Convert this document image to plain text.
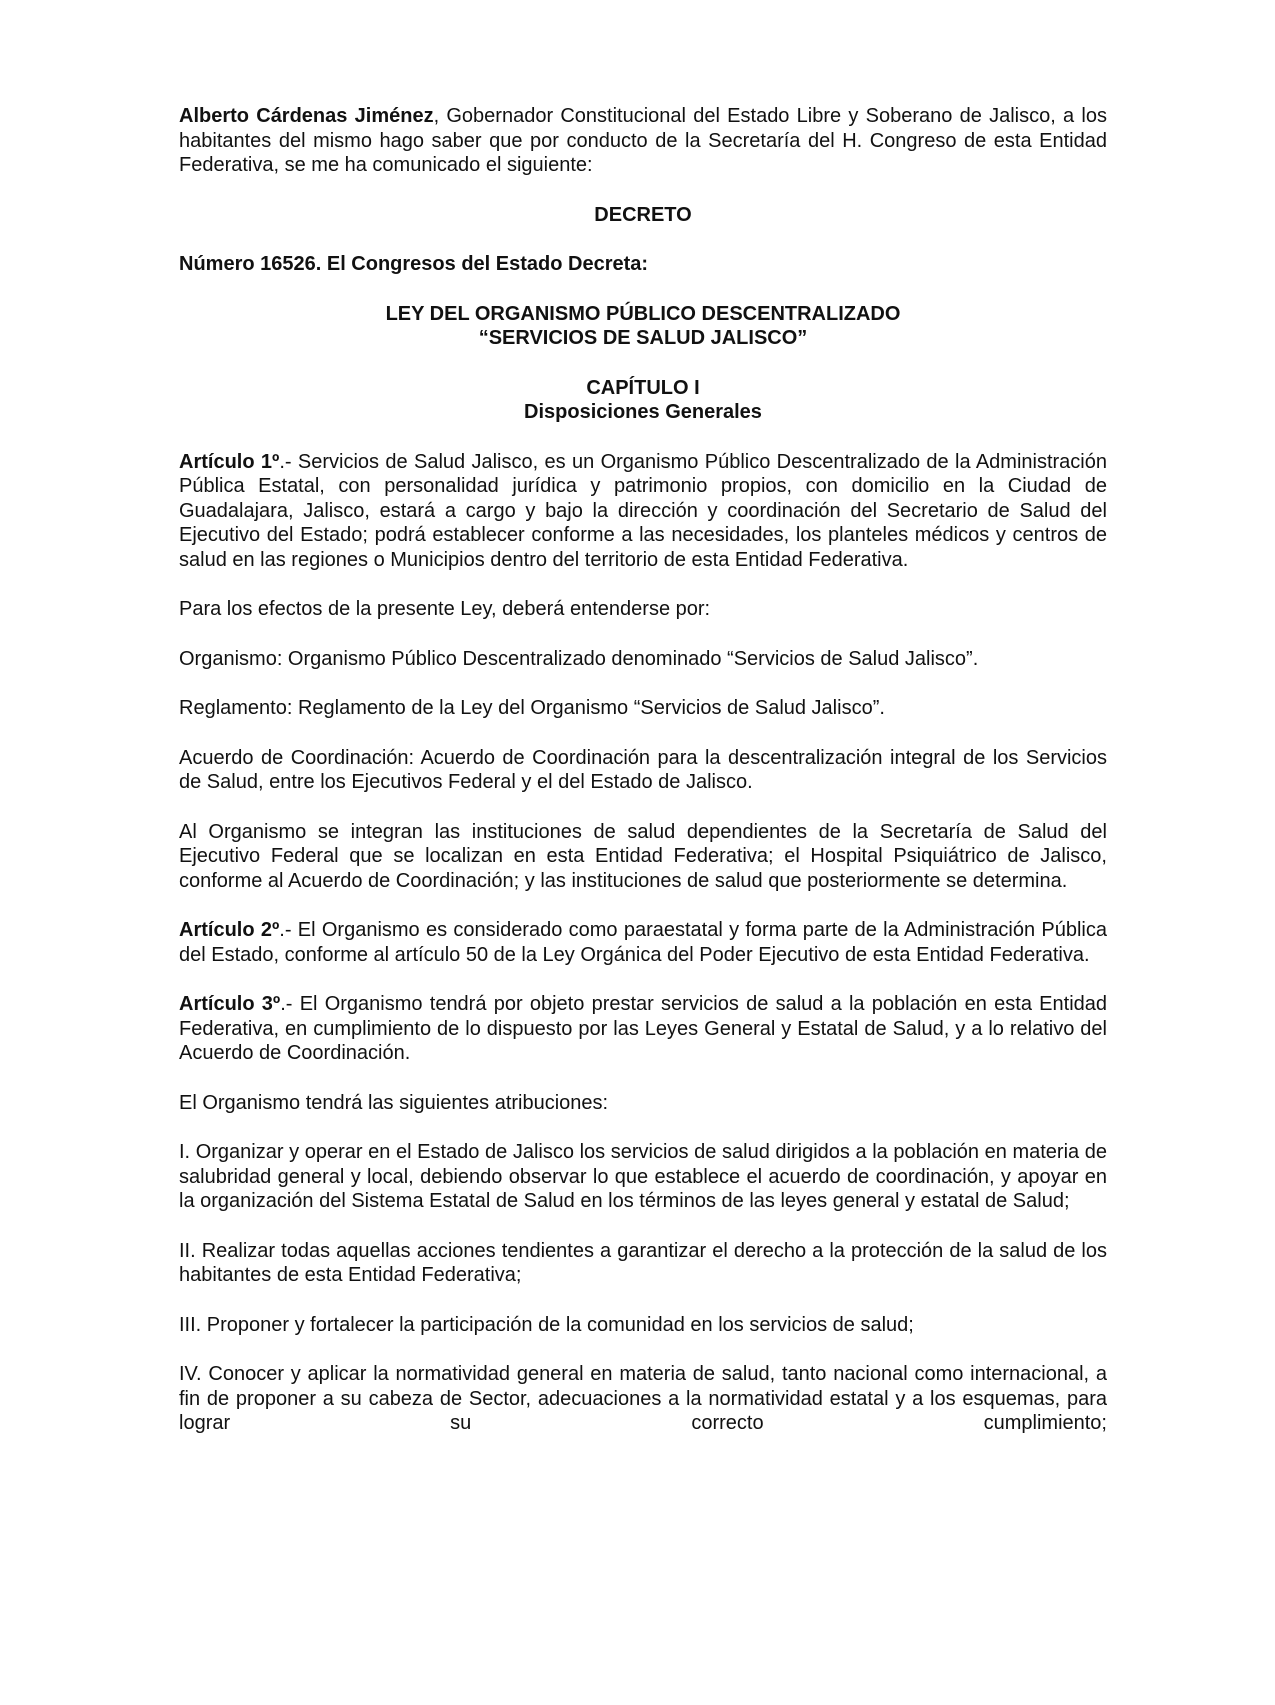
Alberto Cárdenas Jiménez, Gobernador Constitucional del Estado Libre y Soberano de Jalisco, a los habitantes del mismo hago saber que por conducto de la Secretaría del H. Congreso de esta Entidad Federativa, se me ha comunicado el siguiente:

DECRETO

Número 16526. El Congresos del Estado Decreta:

LEY DEL ORGANISMO PÚBLICO DESCENTRALIZADO
“SERVICIOS DE SALUD JALISCO”

CAPÍTULO I
Disposiciones Generales

Artículo 1º.- Servicios de Salud Jalisco, es un Organismo Público Descentralizado de la Administración Pública Estatal, con personalidad jurídica y patrimonio propios, con domicilio en la Ciudad de Guadalajara, Jalisco, estará a cargo y bajo la dirección y coordinación del Secretario de Salud del Ejecutivo del Estado; podrá establecer conforme a las necesidades, los planteles médicos y centros de salud en las regiones o Municipios dentro del territorio de esta Entidad Federativa.

Para los efectos de la presente Ley, deberá entenderse por:

Organismo: Organismo Público Descentralizado denominado “Servicios de Salud Jalisco”.

Reglamento: Reglamento de la Ley del Organismo “Servicios de Salud Jalisco”.

Acuerdo de Coordinación: Acuerdo de Coordinación para la descentralización integral de los Servicios de Salud, entre los Ejecutivos Federal y el del Estado de Jalisco.

Al Organismo se integran las instituciones de salud dependientes de la Secretaría de Salud del Ejecutivo Federal que se localizan en esta Entidad Federativa; el Hospital Psiquiátrico de Jalisco, conforme al Acuerdo de Coordinación; y las instituciones de salud que posteriormente se determina.

Artículo 2º.- El Organismo es considerado como paraestatal y forma parte de la Administración Pública del Estado, conforme al artículo 50 de la Ley Orgánica del Poder Ejecutivo de esta Entidad Federativa.

Artículo 3º.- El Organismo tendrá por objeto prestar servicios de salud a la población en esta Entidad Federativa, en cumplimiento de lo dispuesto por las Leyes General y Estatal de Salud, y a lo relativo del Acuerdo de Coordinación.

El Organismo tendrá las siguientes atribuciones:

I. Organizar y operar en el Estado de Jalisco los servicios de salud dirigidos a la población en materia de salubridad general y local, debiendo observar lo que establece el acuerdo de coordinación, y apoyar en la organización del Sistema Estatal de Salud en los términos de las leyes general y estatal de Salud;

II. Realizar todas aquellas acciones tendientes a garantizar el derecho a la protección de la salud de los habitantes de esta Entidad Federativa;

III. Proponer y fortalecer la participación de la comunidad en los servicios de salud;

IV. Conocer y aplicar la normatividad general en materia de salud, tanto nacional como internacional, a fin de proponer a su cabeza de Sector, adecuaciones a la normatividad estatal y a los esquemas, para lograr su correcto cumplimiento;
